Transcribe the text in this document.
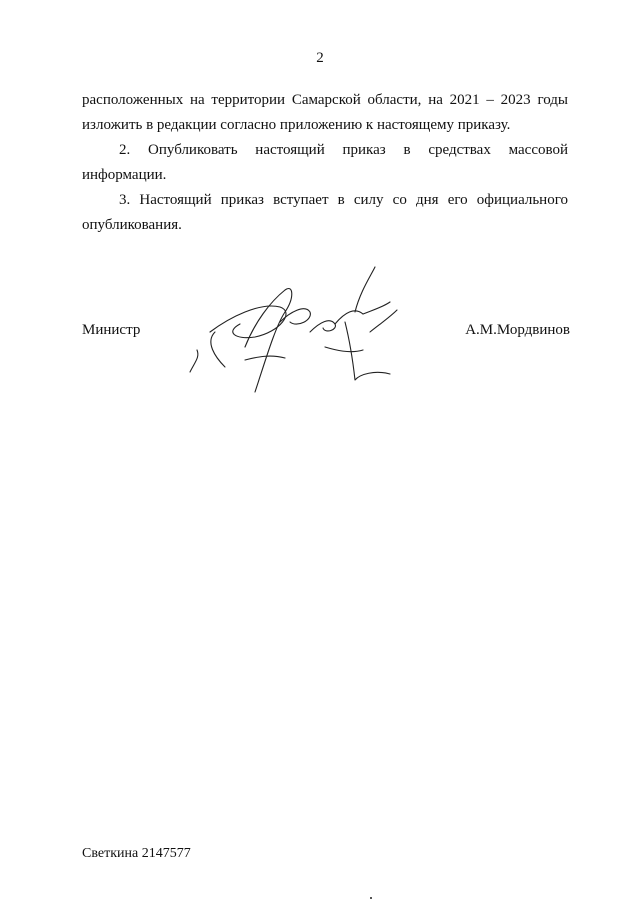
2

расположенных на территории Самарской области, на 2021 – 2023 годы
изложить в редакции согласно приложению к настоящему приказу.

2. Опубликовать настоящий приказ в средствах массовой
информации.

3. Настоящий приказ вступает в силу со дня его официального
опубликования.

Министр	А.М.Мордвинов
Светкина 2147577
